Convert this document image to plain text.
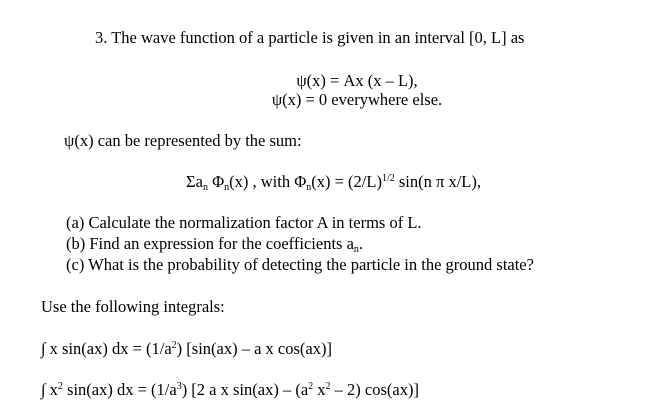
3. The wave function of a particle is given in an interval [0, L] as
ψ(x) = Ax (x – L),
ψ(x) = 0 everywhere else.
ψ(x) can be represented by the sum:
$\Sigma a_n$ $\Phi_n(x)$ , with $\Phi_n(x) = (2/L)^{1/2}$ sin(n π x/L),
(a) Calculate the normalization factor A in terms of L.
(b) Find an expression for the coefficients $a_n$.
(c) What is the probability of detecting the particle in the ground state?
Use the following integrals:
∫ x sin(ax) dx = $(1/a^2)$ [sin(ax) – a x cos(ax)]
∫ $x^2$ sin(ax) dx = $(1/a^3)$ [2 a x $\sin(ax) - (a^2$ $x^2 - 2$) cos(ax)]
